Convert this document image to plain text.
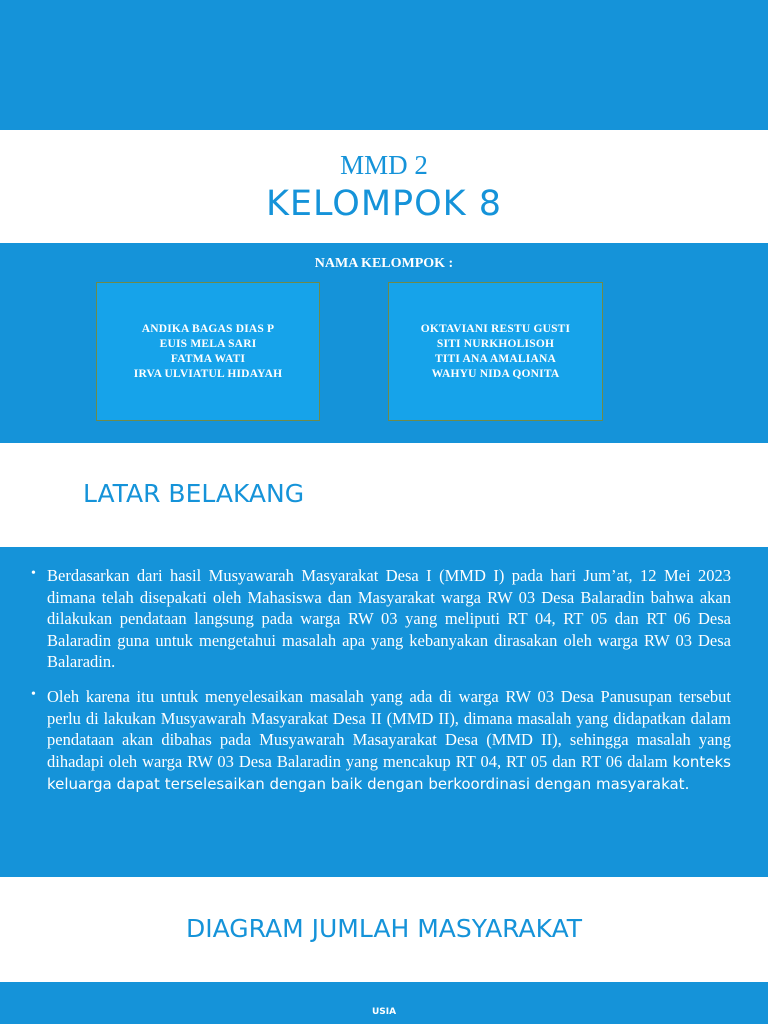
MMD 2
KELOMPOK 8
NAMA KELOMPOK :
ANDIKA BAGAS DIAS P
EUIS MELA SARI
FATMA WATI
IRVA ULVIATUL HIDAYAH
OKTAVIANI RESTU GUSTI
SITI NURKHOLISOH
TITI ANA AMALIANA
WAHYU NIDA QONITA
LATAR BELAKANG
• Berdasarkan dari hasil Musyawarah Masyarakat Desa I (MMD I) pada hari Jum’at, 12 Mei 2023 dimana telah disepakati oleh Mahasiswa dan Masyarakat warga RW 03 Desa Balaradin bahwa akan dilakukan pendataan langsung pada warga RW 03 yang meliputi RT 04, RT 05 dan RT 06 Desa Balaradin guna untuk mengetahui masalah apa yang kebanyakan dirasakan oleh warga RW 03 Desa Balaradin.
• Oleh karena itu untuk menyelesaikan masalah yang ada di warga RW 03 Desa Panusupan tersebut perlu di lakukan Musyawarah Masyarakat Desa II (MMD II), dimana masalah yang didapatkan dalam pendataan akan dibahas pada Musyawarah Masayarakat Desa (MMD II), sehingga masalah yang dihadapi oleh warga RW 03 Desa Balaradin yang mencakup RT 04, RT 05 dan RT 06 dalam konteks keluarga dapat terselesaikan dengan baik dengan berkoordinasi dengan masyarakat.
DIAGRAM JUMLAH MASYARAKAT
USIA
